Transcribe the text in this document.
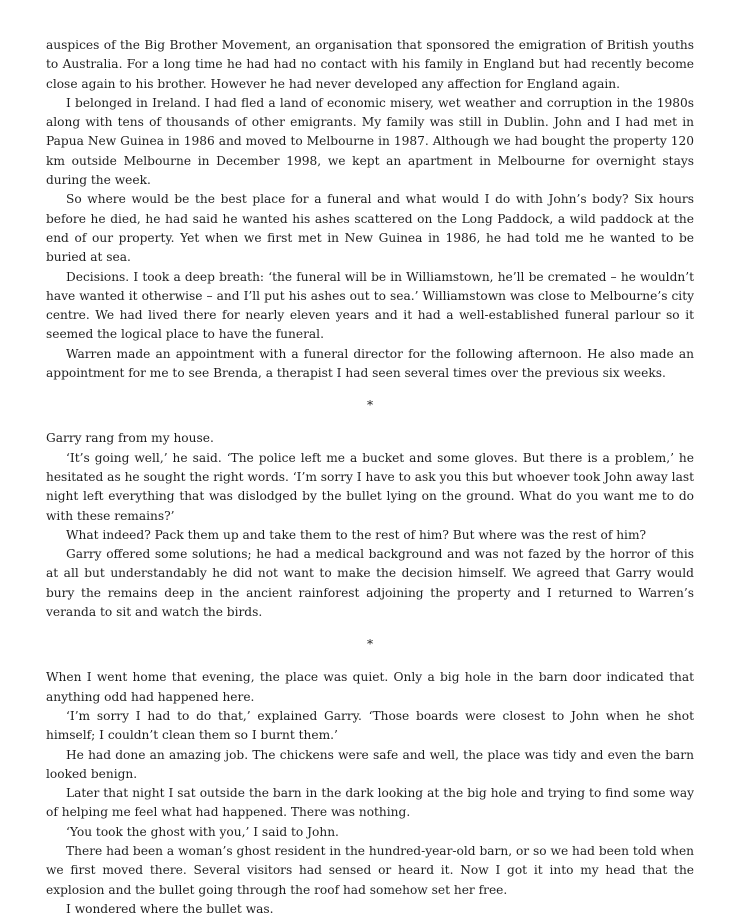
auspices of the Big Brother Movement, an organisation that sponsored the emigration of British youths to Australia. For a long time he had had no contact with his family in England but had recently become close again to his brother. However he had never developed any affection for England again.

I belonged in Ireland. I had fled a land of economic misery, wet weather and corruption in the 1980s along with tens of thousands of other emigrants. My family was still in Dublin. John and I had met in Papua New Guinea in 1986 and moved to Melbourne in 1987. Although we had bought the property 120 km outside Melbourne in December 1998, we kept an apartment in Melbourne for overnight stays during the week.

So where would be the best place for a funeral and what would I do with John’s body? Six hours before he died, he had said he wanted his ashes scattered on the Long Paddock, a wild paddock at the end of our property. Yet when we first met in New Guinea in 1986, he had told me he wanted to be buried at sea.

Decisions. I took a deep breath: ‘the funeral will be in Williamstown, he’ll be cremated – he wouldn’t have wanted it otherwise – and I’ll put his ashes out to sea.’ Williamstown was close to Melbourne’s city centre. We had lived there for nearly eleven years and it had a well-established funeral parlour so it seemed the logical place to have the funeral.

Warren made an appointment with a funeral director for the following afternoon. He also made an appointment for me to see Brenda, a therapist I had seen several times over the previous six weeks.

*

Garry rang from my house.

‘It’s going well,’ he said. ‘The police left me a bucket and some gloves. But there is a problem,’ he hesitated as he sought the right words. ‘I’m sorry I have to ask you this but whoever took John away last night left everything that was dislodged by the bullet lying on the ground. What do you want me to do with these remains?’

What indeed? Pack them up and take them to the rest of him? But where was the rest of him?

Garry offered some solutions; he had a medical background and was not fazed by the horror of this at all but understandably he did not want to make the decision himself. We agreed that Garry would bury the remains deep in the ancient rainforest adjoining the property and I returned to Warren’s veranda to sit and watch the birds.

*

When I went home that evening, the place was quiet. Only a big hole in the barn door indicated that anything odd had happened here.

‘I’m sorry I had to do that,’ explained Garry. ‘Those boards were closest to John when he shot himself; I couldn’t clean them so I burnt them.’

He had done an amazing job. The chickens were safe and well, the place was tidy and even the barn looked benign.

Later that night I sat outside the barn in the dark looking at the big hole and trying to find some way of helping me feel what had happened. There was nothing.

‘You took the ghost with you,’ I said to John.

There had been a woman’s ghost resident in the hundred-year-old barn, or so we had been told when we first moved there. Several visitors had sensed or heard it. Now I got it into my head that the explosion and the bullet going through the roof had somehow set her free.

I wondered where the bullet was.
